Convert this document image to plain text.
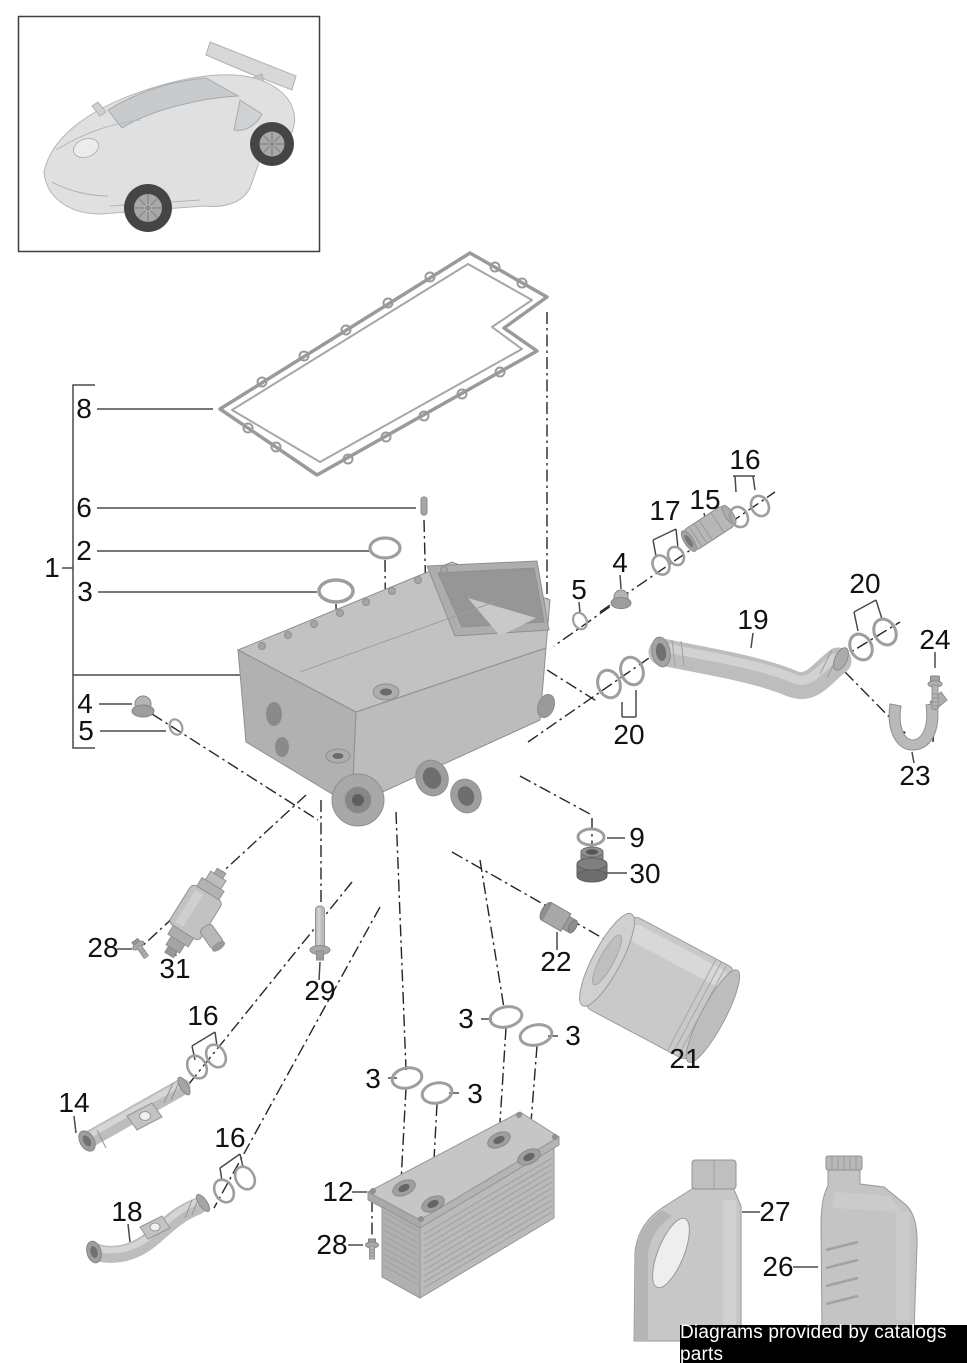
8
6
2
3
1
4
5
17 15
16
4
5
19
20
24
23
20
9
30
28
31
29
22
21
16
14
16
18
3
3
3	3
12
28
27
26
Diagrams provided by catalogs parts
